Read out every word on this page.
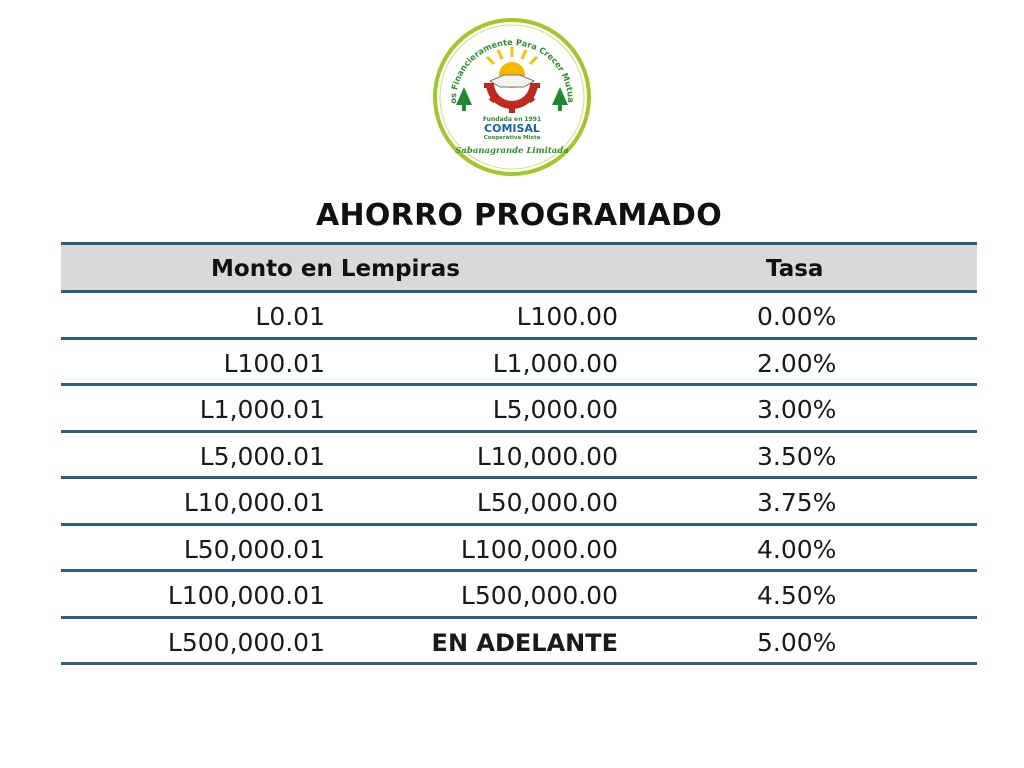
os Financieramente Para Crecer Mutua
Fundada en 1991
COMISAL
Cooperativa Mixta
Sabanagrande Limitada
AHORRO PROGRAMADO
Monto en Lempiras	Tasa
L0.01	L100.00	0.00%
L100.01	L1,000.00	2.00%
L1,000.01	L5,000.00	3.00%
L5,000.01	L10,000.00	3.50%
L10,000.01	L50,000.00	3.75%
L50,000.01	L100,000.00	4.00%
L100,000.01	L500,000.00	4.50%
L500,000.01	EN ADELANTE	5.00%
